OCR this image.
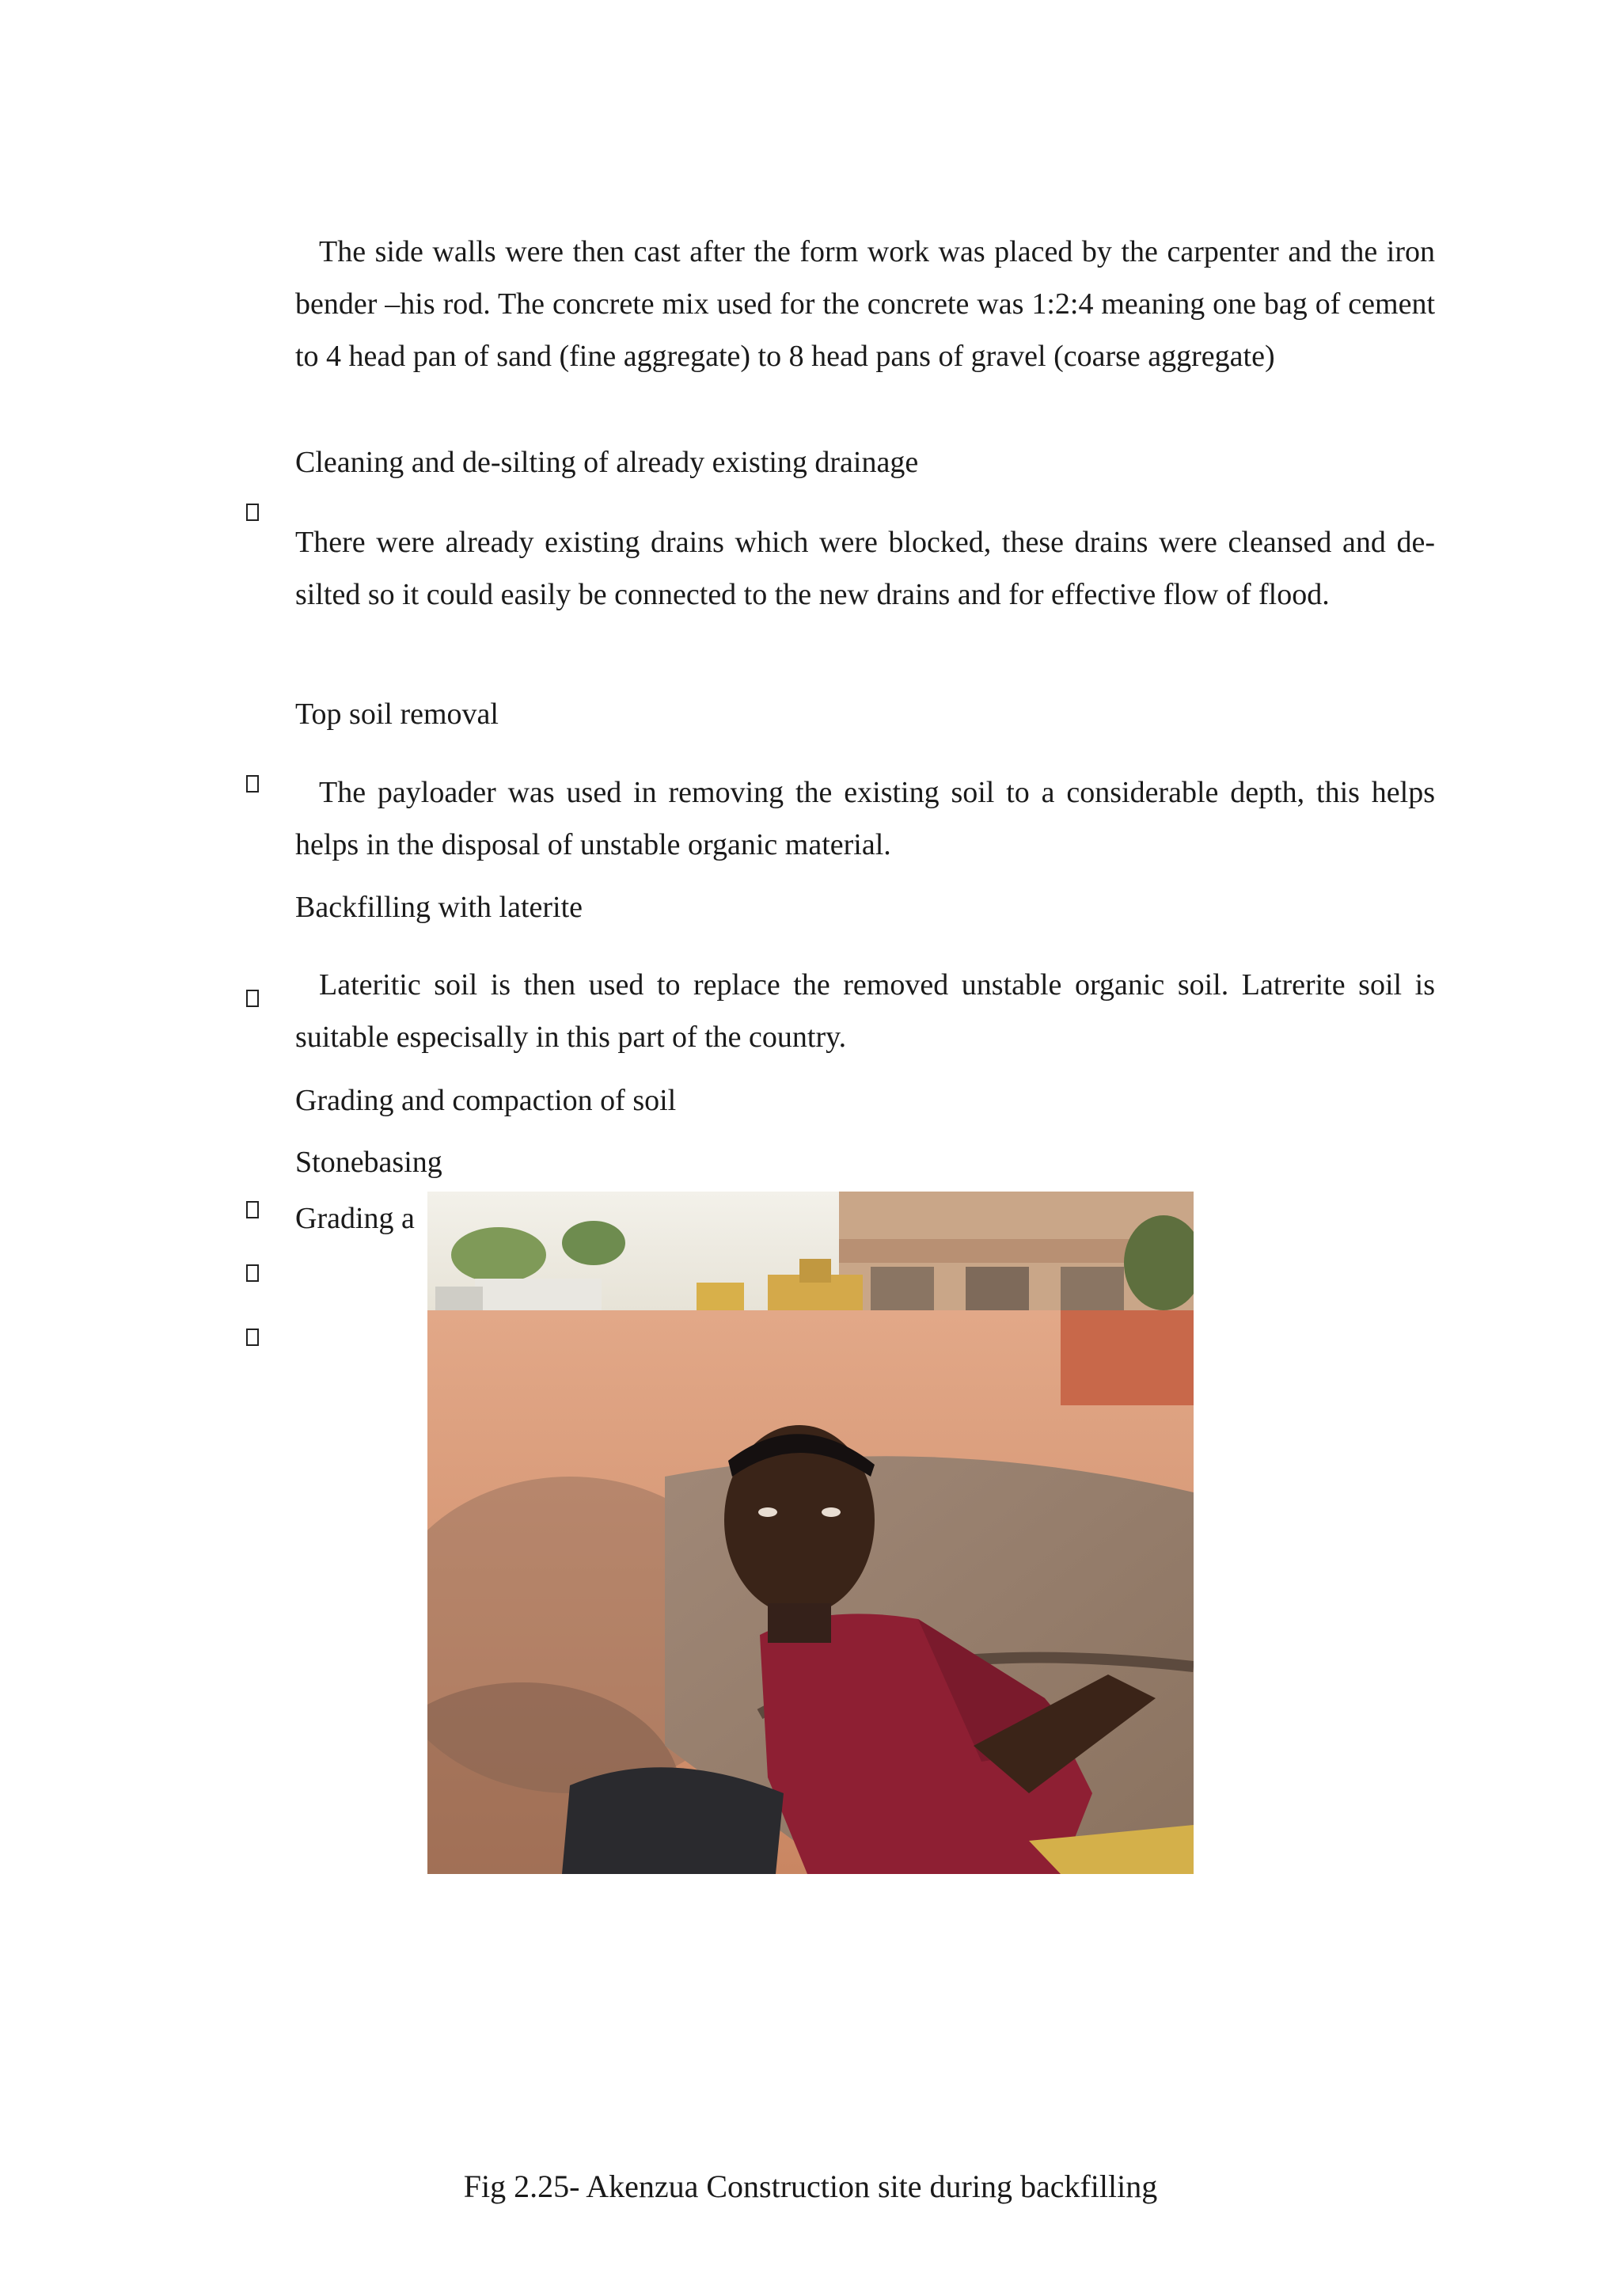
The side walls were then cast after the form work was placed by the carpenter and the iron bender –his rod. The concrete mix used for the concrete was 1:2:4 meaning one bag of cement to 4 head pan of sand (fine aggregate) to 8 head pans of gravel (coarse aggregate)
Cleaning and de-silting of already existing drainage
There were already existing drains which were blocked, these drains were cleansed and de-silted so it could easily be connected to the new drains and for effective flow of flood.
Top soil removal
The payloader was used in removing the existing soil to a considerable depth, this helps helps in the disposal of unstable organic material.
Backfilling with laterite
Lateritic soil is then used to replace the removed unstable organic soil. Latrerite soil is suitable especisally in this part of the country.
Grading and compaction of soil
Stonebasing
Grading a
Fig 2.25- Akenzua Construction site during backfilling
